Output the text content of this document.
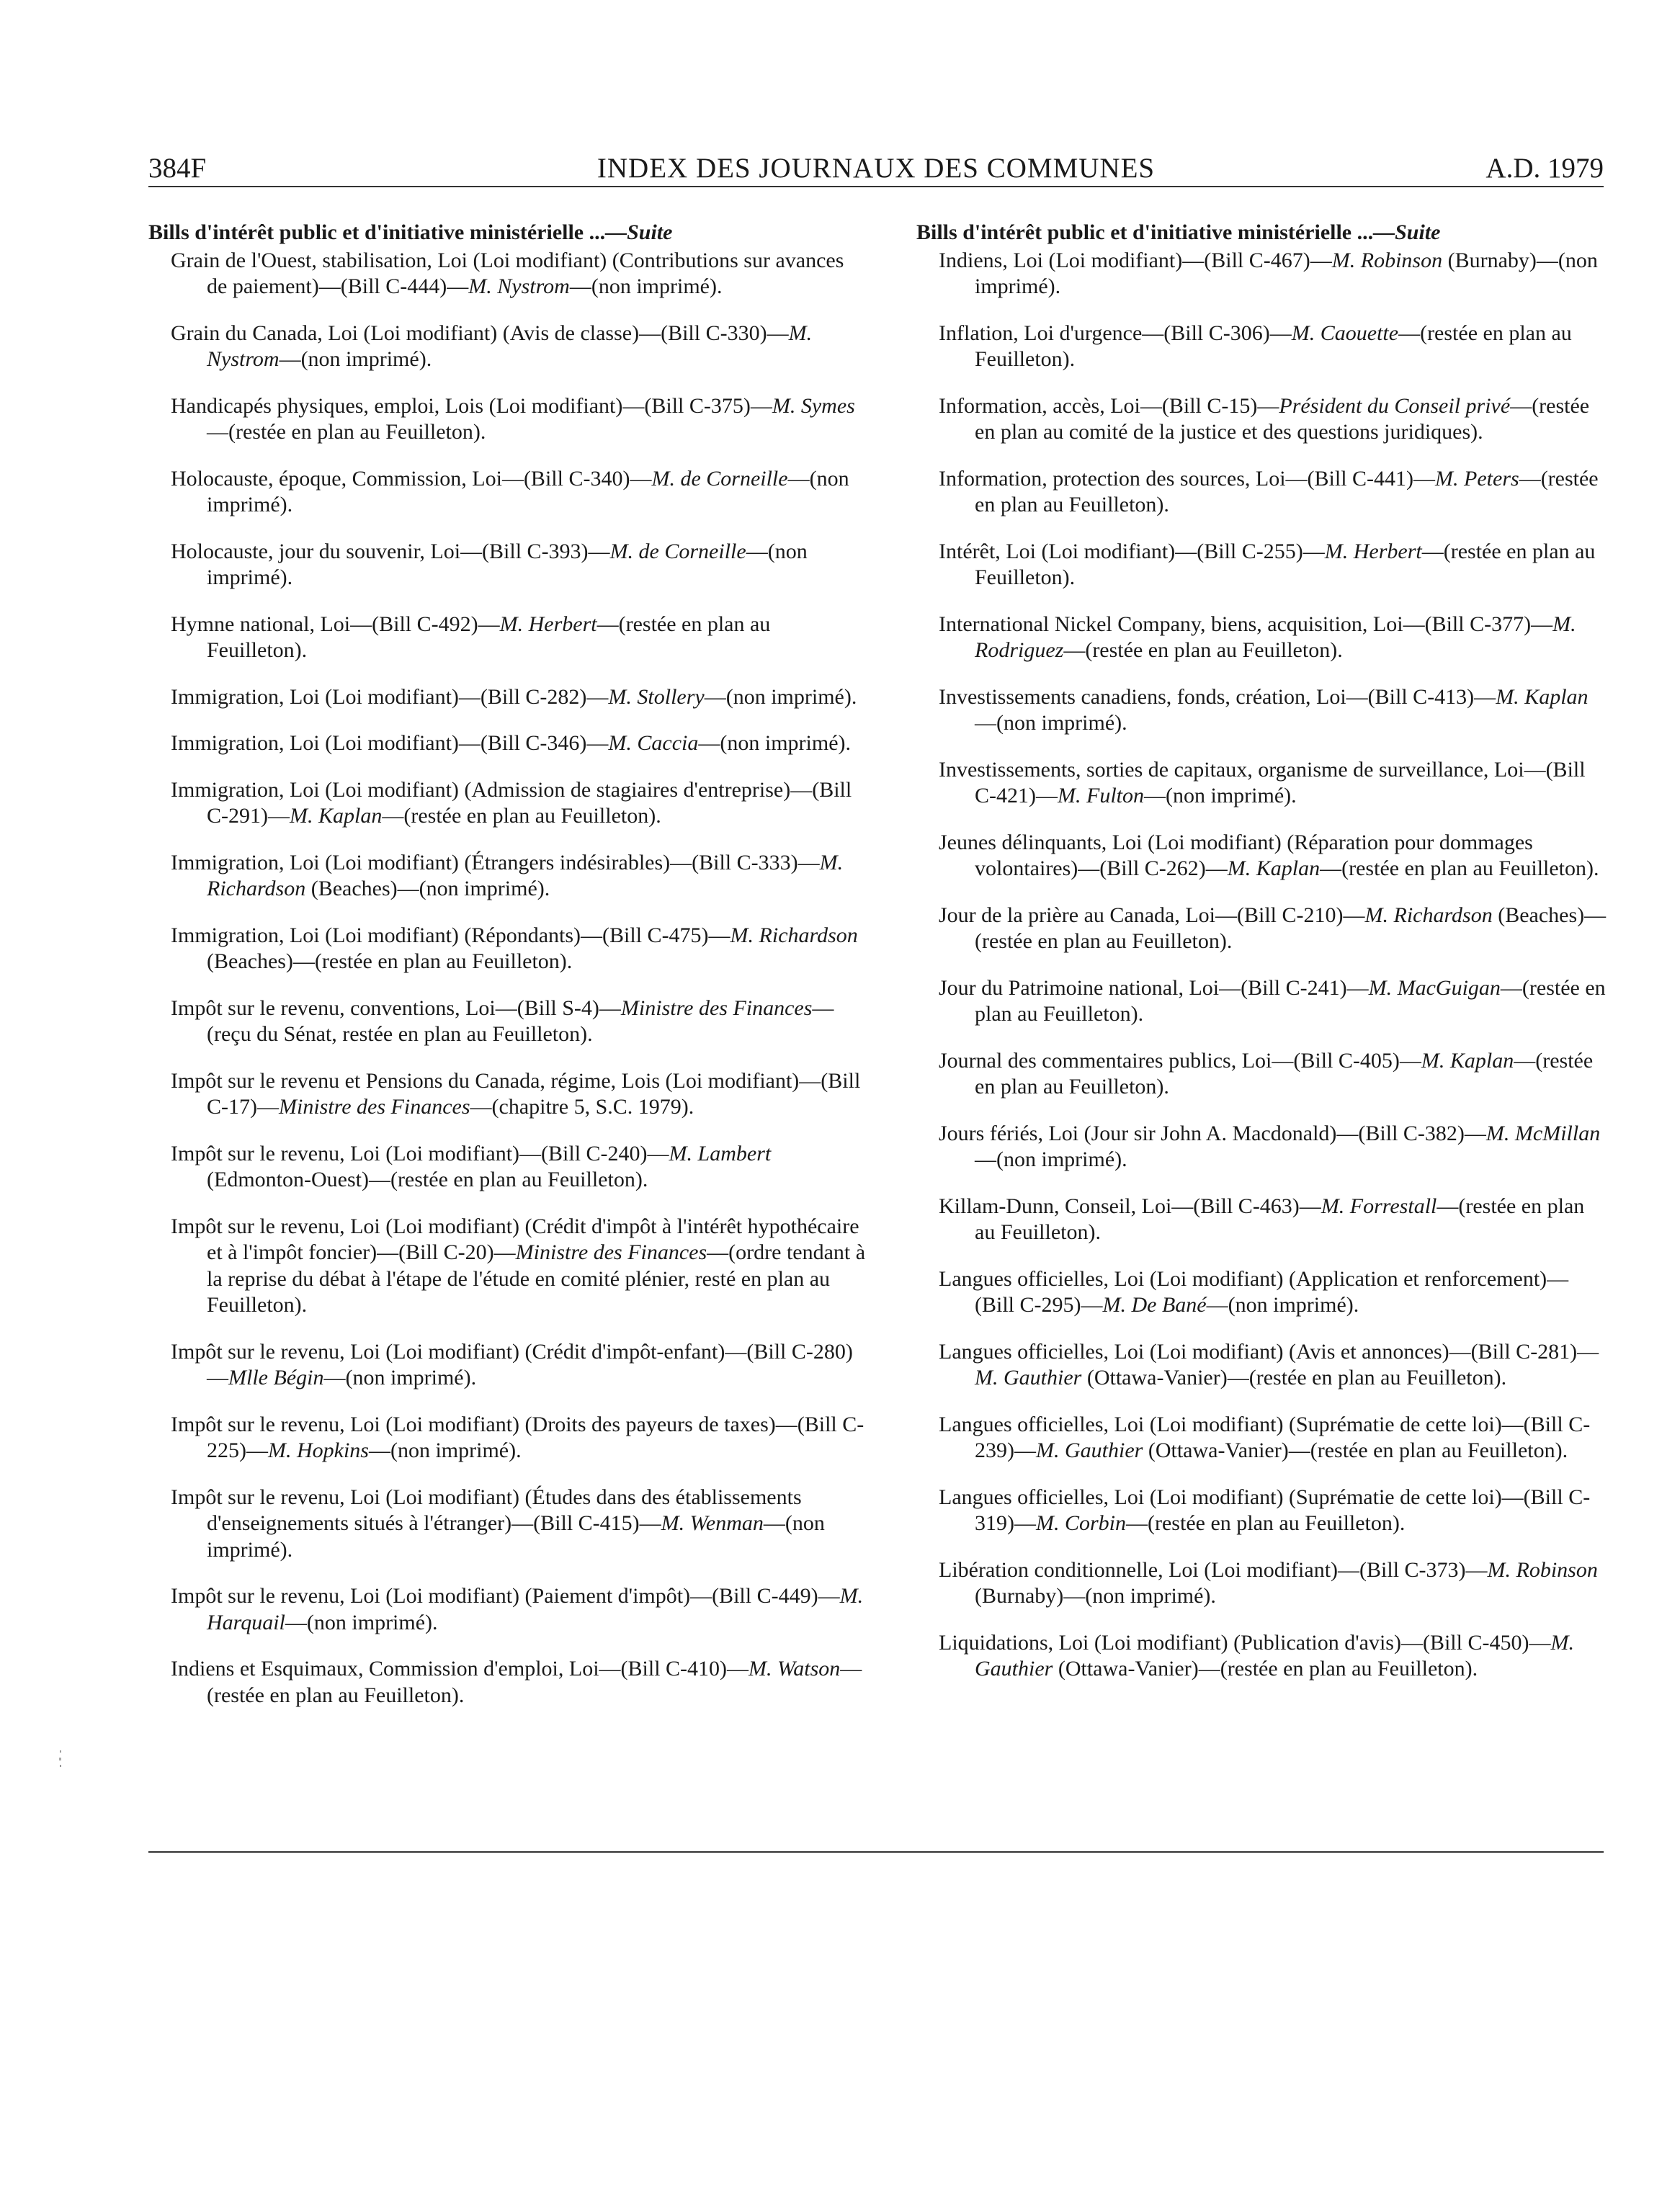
384F	INDEX DES JOURNAUX DES COMMUNES	A.D. 1979
Bills d'intérêt public et d'initiative ministérielle ...—Suite
Grain de l'Ouest, stabilisation, Loi (Loi modifiant) (Contributions sur avances de paiement)—(Bill C-444)—M. Nystrom—(non imprimé).
Grain du Canada, Loi (Loi modifiant) (Avis de classe)—(Bill C-330)—M. Nystrom—(non imprimé).
Handicapés physiques, emploi, Lois (Loi modifiant)—(Bill C-375)—M. Symes—(restée en plan au Feuilleton).
Holocauste, époque, Commission, Loi—(Bill C-340)—M. de Corneille—(non imprimé).
Holocauste, jour du souvenir, Loi—(Bill C-393)—M. de Corneille—(non imprimé).
Hymne national, Loi—(Bill C-492)—M. Herbert—(restée en plan au Feuilleton).
Immigration, Loi (Loi modifiant)—(Bill C-282)—M. Stollery—(non imprimé).
Immigration, Loi (Loi modifiant)—(Bill C-346)—M. Caccia—(non imprimé).
Immigration, Loi (Loi modifiant) (Admission de stagiaires d'entreprise)—(Bill C-291)—M. Kaplan—(restée en plan au Feuilleton).
Immigration, Loi (Loi modifiant) (Étrangers indésirables)—(Bill C-333)—M. Richardson (Beaches)—(non imprimé).
Immigration, Loi (Loi modifiant) (Répondants)—(Bill C-475)—M. Richardson (Beaches)—(restée en plan au Feuilleton).
Impôt sur le revenu, conventions, Loi—(Bill S-4)—Ministre des Finances—(reçu du Sénat, restée en plan au Feuilleton).
Impôt sur le revenu et Pensions du Canada, régime, Lois (Loi modifiant)—(Bill C-17)—Ministre des Finances—(chapitre 5, S.C. 1979).
Impôt sur le revenu, Loi (Loi modifiant)—(Bill C-240)—M. Lambert (Edmonton-Ouest)—(restée en plan au Feuilleton).
Impôt sur le revenu, Loi (Loi modifiant) (Crédit d'impôt à l'intérêt hypothécaire et à l'impôt foncier)—(Bill C-20)—Ministre des Finances—(ordre tendant à la reprise du débat à l'étape de l'étude en comité plénier, resté en plan au Feuilleton).
Impôt sur le revenu, Loi (Loi modifiant) (Crédit d'impôt-enfant)—(Bill C-280)—Mlle Bégin—(non imprimé).
Impôt sur le revenu, Loi (Loi modifiant) (Droits des payeurs de taxes)—(Bill C-225)—M. Hopkins—(non imprimé).
Impôt sur le revenu, Loi (Loi modifiant) (Études dans des établissements d'enseignements situés à l'étranger)—(Bill C-415)—M. Wenman—(non imprimé).
Impôt sur le revenu, Loi (Loi modifiant) (Paiement d'impôt)—(Bill C-449)—M. Harquail—(non imprimé).
Indiens et Esquimaux, Commission d'emploi, Loi—(Bill C-410)—M. Watson—(restée en plan au Feuilleton).
Bills d'intérêt public et d'initiative ministérielle ...—Suite
Indiens, Loi (Loi modifiant)—(Bill C-467)—M. Robinson (Burnaby)—(non imprimé).
Inflation, Loi d'urgence—(Bill C-306)—M. Caouette—(restée en plan au Feuilleton).
Information, accès, Loi—(Bill C-15)—Président du Conseil privé—(restée en plan au comité de la justice et des questions juridiques).
Information, protection des sources, Loi—(Bill C-441)—M. Peters—(restée en plan au Feuilleton).
Intérêt, Loi (Loi modifiant)—(Bill C-255)—M. Herbert—(restée en plan au Feuilleton).
International Nickel Company, biens, acquisition, Loi—(Bill C-377)—M. Rodriguez—(restée en plan au Feuilleton).
Investissements canadiens, fonds, création, Loi—(Bill C-413)—M. Kaplan—(non imprimé).
Investissements, sorties de capitaux, organisme de surveillance, Loi—(Bill C-421)—M. Fulton—(non imprimé).
Jeunes délinquants, Loi (Loi modifiant) (Réparation pour dommages volontaires)—(Bill C-262)—M. Kaplan—(restée en plan au Feuilleton).
Jour de la prière au Canada, Loi—(Bill C-210)—M. Richardson (Beaches)—(restée en plan au Feuilleton).
Jour du Patrimoine national, Loi—(Bill C-241)—M. MacGuigan—(restée en plan au Feuilleton).
Journal des commentaires publics, Loi—(Bill C-405)—M. Kaplan—(restée en plan au Feuilleton).
Jours fériés, Loi (Jour sir John A. Macdonald)—(Bill C-382)—M. McMillan—(non imprimé).
Killam-Dunn, Conseil, Loi—(Bill C-463)—M. Forrestall—(restée en plan au Feuilleton).
Langues officielles, Loi (Loi modifiant) (Application et renforcement)—(Bill C-295)—M. De Bané—(non imprimé).
Langues officielles, Loi (Loi modifiant) (Avis et annonces)—(Bill C-281)—M. Gauthier (Ottawa-Vanier)—(restée en plan au Feuilleton).
Langues officielles, Loi (Loi modifiant) (Suprématie de cette loi)—(Bill C-239)—M. Gauthier (Ottawa-Vanier)—(restée en plan au Feuilleton).
Langues officielles, Loi (Loi modifiant) (Suprématie de cette loi)—(Bill C-319)—M. Corbin—(restée en plan au Feuilleton).
Libération conditionnelle, Loi (Loi modifiant)—(Bill C-373)—M. Robinson (Burnaby)—(non imprimé).
Liquidations, Loi (Loi modifiant) (Publication d'avis)—(Bill C-450)—M. Gauthier (Ottawa-Vanier)—(restée en plan au Feuilleton).
